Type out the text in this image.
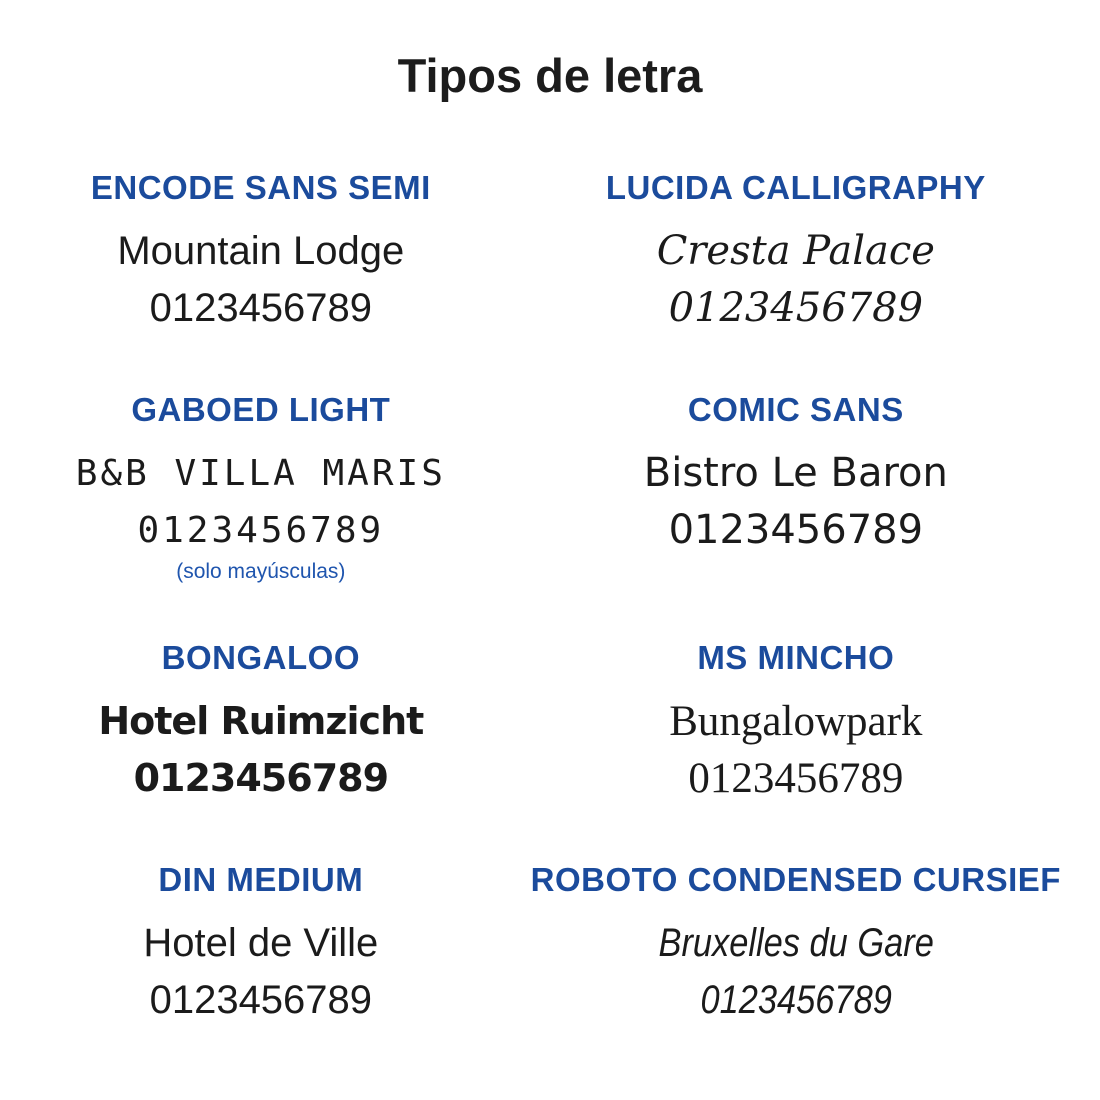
Tipos de letra
ENCODE SANS SEMI
Mountain Lodge
0123456789
LUCIDA CALLIGRAPHY
Cresta Palace
0123456789
GABOED LIGHT
B&B VILLA MARIS
0123456789
(solo mayúsculas)
COMIC SANS
Bistro Le Baron
0123456789
BONGALOO
Hotel Ruimzicht
0123456789
MS MINCHO
Bungalowpark
0123456789
DIN MEDIUM
Hotel de Ville
0123456789
ROBOTO CONDENSED CURSIEF
Bruxelles du Gare
0123456789
